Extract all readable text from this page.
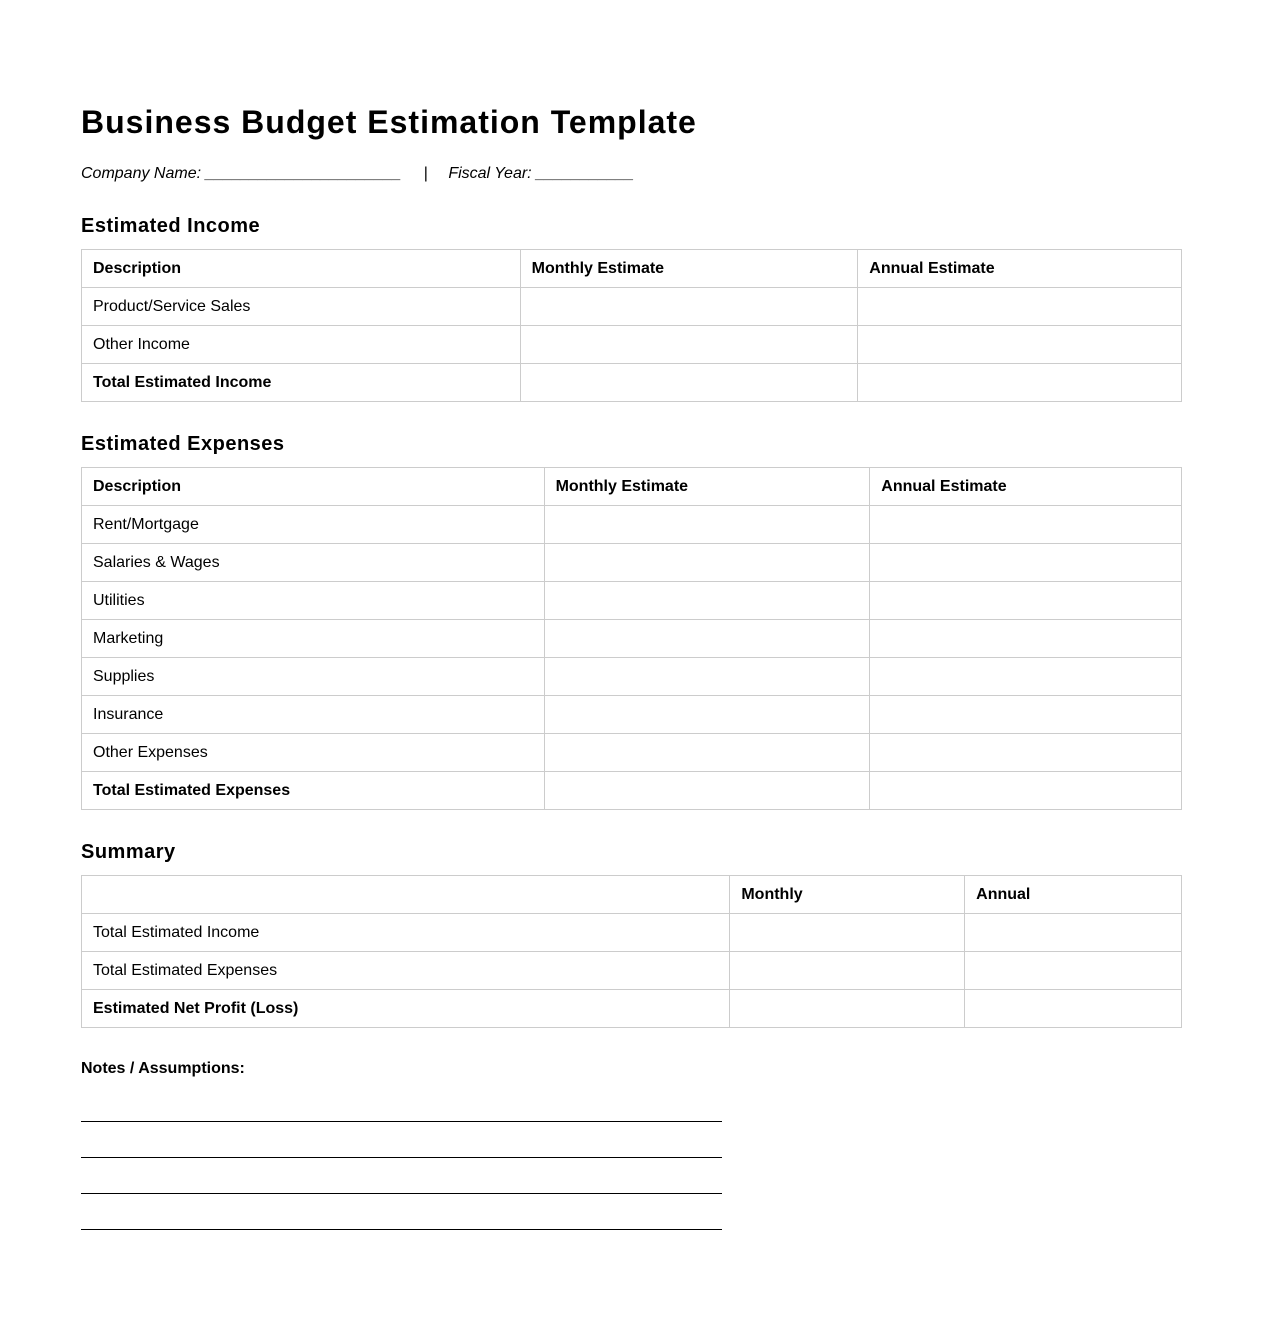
Business Budget Estimation Template
Company Name: ______________________ | Fiscal Year: ___________
Estimated Income
Description	Monthly Estimate	Annual Estimate
Product/Service Sales		
Other Income		
Total Estimated Income		
Estimated Expenses
Description	Monthly Estimate	Annual Estimate
Rent/Mortgage		
Salaries & Wages		
Utilities		
Marketing		
Supplies		
Insurance		
Other Expenses		
Total Estimated Expenses		
Summary
	Monthly	Annual
Total Estimated Income		
Total Estimated Expenses		
Estimated Net Profit (Loss)		
Notes / Assumptions:
